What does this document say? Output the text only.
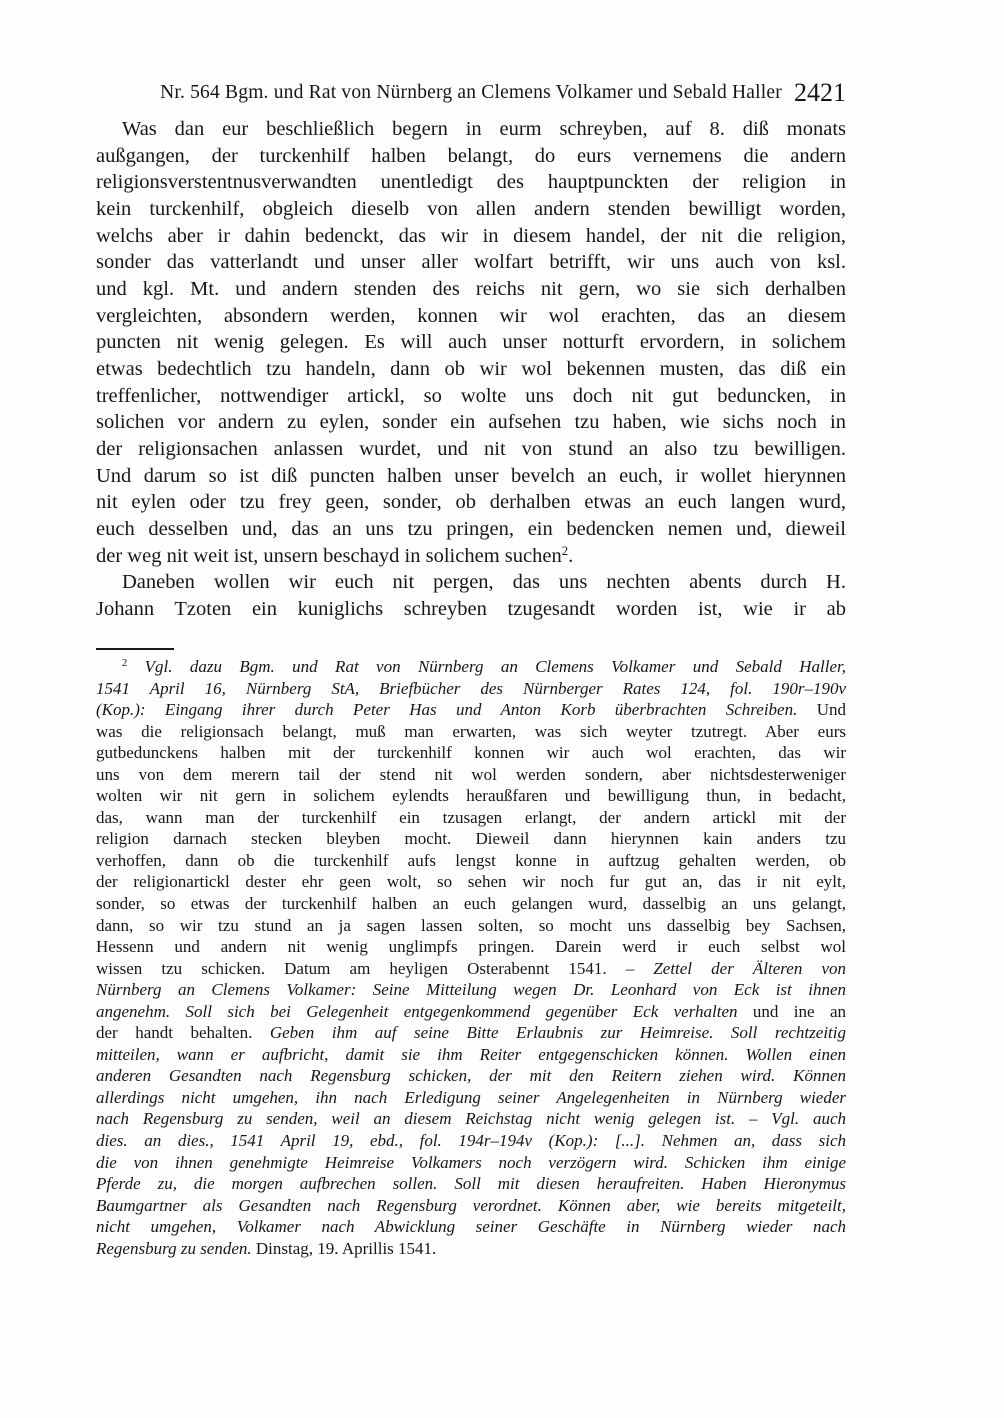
Nr. 564 Bgm. und Rat von Nürnberg an Clemens Volkamer und Sebald Haller 2421
Was dan eur beschließlich begern in eurm schreyben, auf 8. diß monats
außgangen, der turckenhilf halben belangt, do eurs vernemens die andern
religionsverstentnusverwandten unentledigt des hauptpunckten der religion in
kein turckenhilf, obgleich dieselb von allen andern stenden bewilligt worden,
welchs aber ir dahin bedenckt, das wir in diesem handel, der nit die religion,
sonder das vatterlandt und unser aller wolfart betrifft, wir uns auch von ksl.
und kgl. Mt. und andern stenden des reichs nit gern, wo sie sich derhalben
vergleichten, absondern werden, konnen wir wol erachten, das an diesem
puncten nit wenig gelegen. Es will auch unser notturft ervordern, in solichem
etwas bedechtlich tzu handeln, dann ob wir wol bekennen musten, das diß ein
treffenlicher, nottwendiger artickl, so wolte uns doch nit gut beduncken, in
solichen vor andern zu eylen, sonder ein aufsehen tzu haben, wie sichs noch in
der religionsachen anlassen wurdet, und nit von stund an also tzu bewilligen.
Und darum so ist diß puncten halben unser bevelch an euch, ir wollet hierynnen
nit eylen oder tzu frey geen, sonder, ob derhalben etwas an euch langen wurd,
euch desselben und, das an uns tzu pringen, ein bedencken nemen und, dieweil
der weg nit weit ist, unsern beschayd in solichem suchen$^2$.
Daneben wollen wir euch nit pergen, das uns nechten abents durch H.
Johann Tzoten ein kuniglichs schreyben tzugesandt worden ist, wie ir ab
$^2$ Vgl. dazu Bgm. und Rat von Nürnberg an Clemens Volkamer und Sebald Haller,
1541 April 16, Nürnberg StA, Briefbücher des Nürnberger Rates 124, fol. 190r–190v
(Kop.): Eingang ihrer durch Peter Has und Anton Korb überbrachten Schreiben. Und
was die religionsach belangt, muß man erwarten, was sich weyter tzutregt. Aber eurs
gutbedunckens halben mit der turckenhilf konnen wir auch wol erachten, das wir
uns von dem merern tail der stend nit wol werden sondern, aber nichtsdesterweniger
wolten wir nit gern in solichem eylendts heraußfaren und bewilligung thun, in bedacht,
das, wann man der turckenhilf ein tzusagen erlangt, der andern artickl mit der
religion darnach stecken bleyben mocht. Dieweil dann hierynnen kain anders tzu
verhoffen, dann ob die turckenhilf aufs lengst konne in auftzug gehalten werden, ob
der religionartickl dester ehr geen wolt, so sehen wir noch fur gut an, das ir nit eylt,
sonder, so etwas der turckenhilf halben an euch gelangen wurd, dasselbig an uns gelangt,
dann, so wir tzu stund an ja sagen lassen solten, so mocht uns dasselbig bey Sachsen,
Hessenn und andern nit wenig unglimpfs pringen. Darein werd ir euch selbst wol
wissen tzu schicken. Datum am heyligen Osterabennt 1541. – Zettel der Älteren von
Nürnberg an Clemens Volkamer: Seine Mitteilung wegen Dr. Leonhard von Eck ist ihnen
angenehm. Soll sich bei Gelegenheit entgegenkommend gegenüber Eck verhalten und ine an
der handt behalten. Geben ihm auf seine Bitte Erlaubnis zur Heimreise. Soll rechtzeitig
mitteilen, wann er aufbricht, damit sie ihm Reiter entgegenschicken können. Wollen einen
anderen Gesandten nach Regensburg schicken, der mit den Reitern ziehen wird. Können
allerdings nicht umgehen, ihn nach Erledigung seiner Angelegenheiten in Nürnberg wieder
nach Regensburg zu senden, weil an diesem Reichstag nicht wenig gelegen ist. – Vgl. auch
dies. an dies., 1541 April 19, ebd., fol. 194r–194v (Kop.): [...]. Nehmen an, dass sich
die von ihnen genehmigte Heimreise Volkamers noch verzögern wird. Schicken ihm einige
Pferde zu, die morgen aufbrechen sollen. Soll mit diesen heraufreiten. Haben Hieronymus
Baumgartner als Gesandten nach Regensburg verordnet. Können aber, wie bereits mitgeteilt,
nicht umgehen, Volkamer nach Abwicklung seiner Geschäfte in Nürnberg wieder nach
Regensburg zu senden. Dinstag, 19. Aprillis 1541.
